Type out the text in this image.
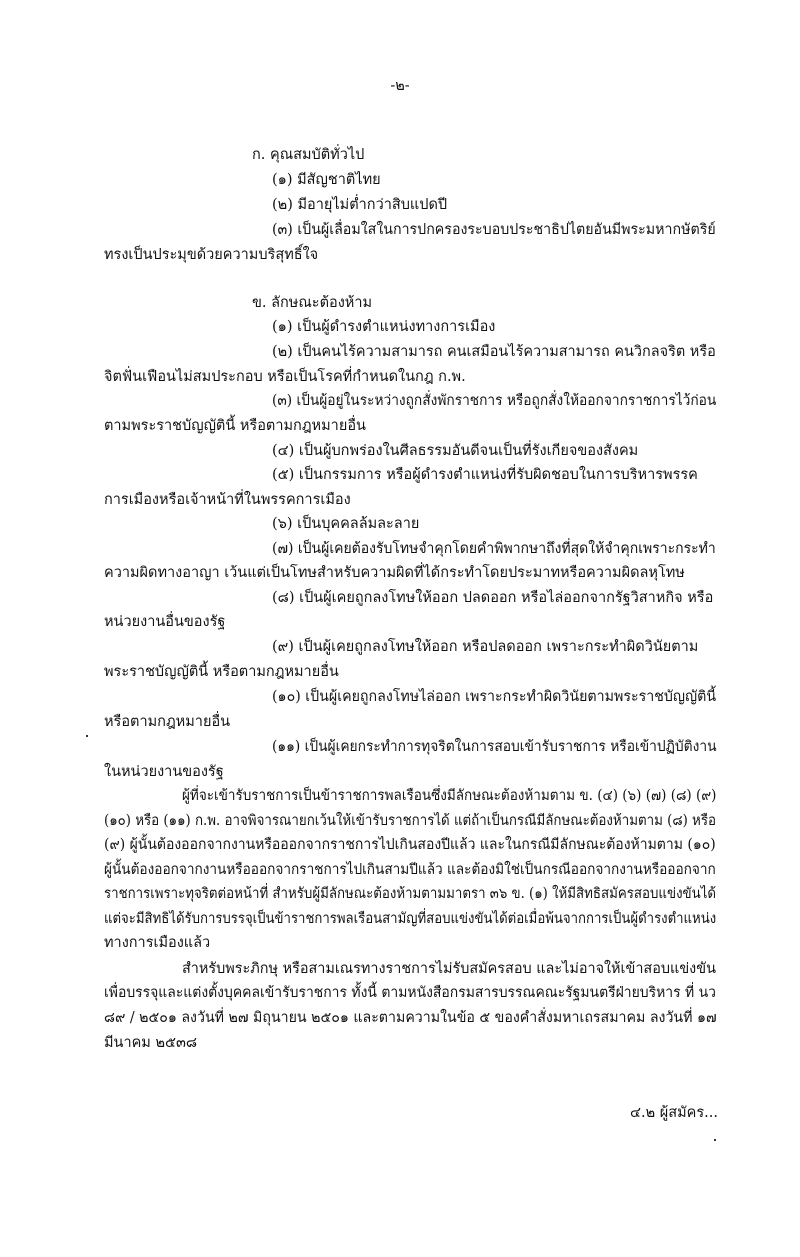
-๒-
ก. คุณสมบัติทั่วไป
(๑) มีสัญชาติไทย
(๒) มีอายุไม่ต่ำกว่าสิบแปดปี
(๓) เป็นผู้เลื่อมใสในการปกครองระบอบประชาธิปไตยอันมีพระมหากษัตริย์
ทรงเป็นประมุขด้วยความบริสุทธิ์ใจ
ข. ลักษณะต้องห้าม
(๑) เป็นผู้ดำรงตำแหน่งทางการเมือง
(๒) เป็นคนไร้ความสามารถ คนเสมือนไร้ความสามารถ คนวิกลจริต หรือ
จิตฟั่นเฟือนไม่สมประกอบ หรือเป็นโรคที่กำหนดในกฎ ก.พ.
(๓) เป็นผู้อยู่ในระหว่างถูกสั่งพักราชการ หรือถูกสั่งให้ออกจากราชการไว้ก่อน
ตามพระราชบัญญัตินี้ หรือตามกฎหมายอื่น
(๔) เป็นผู้บกพร่องในศีลธรรมอันดีจนเป็นที่รังเกียจของสังคม
(๕) เป็นกรรมการ หรือผู้ดำรงตำแหน่งที่รับผิดชอบในการบริหารพรรค
การเมืองหรือเจ้าหน้าที่ในพรรคการเมือง
(๖) เป็นบุคคลล้มละลาย
(๗) เป็นผู้เคยต้องรับโทษจำคุกโดยคำพิพากษาถึงที่สุดให้จำคุกเพราะกระทำ
ความผิดทางอาญา เว้นแต่เป็นโทษสำหรับความผิดที่ได้กระทำโดยประมาทหรือความผิดลหุโทษ
(๘) เป็นผู้เคยถูกลงโทษให้ออก ปลดออก หรือไล่ออกจากรัฐวิสาหกิจ หรือ
หน่วยงานอื่นของรัฐ
(๙) เป็นผู้เคยถูกลงโทษให้ออก หรือปลดออก เพราะกระทำผิดวินัยตาม
พระราชบัญญัตินี้ หรือตามกฎหมายอื่น
(๑๐) เป็นผู้เคยถูกลงโทษไล่ออก เพราะกระทำผิดวินัยตามพระราชบัญญัตินี้
หรือตามกฎหมายอื่น
(๑๑) เป็นผู้เคยกระทำการทุจริตในการสอบเข้ารับราชการ หรือเข้าปฏิบัติงาน
ในหน่วยงานของรัฐ
ผู้ที่จะเข้ารับราชการเป็นข้าราชการพลเรือนซึ่งมีลักษณะต้องห้ามตาม ข. (๔) (๖) (๗) (๘) (๙)
(๑๐) หรือ (๑๑) ก.พ. อาจพิจารณายกเว้นให้เข้ารับราชการได้ แต่ถ้าเป็นกรณีมีลักษณะต้องห้ามตาม (๘) หรือ
(๙) ผู้นั้นต้องออกจากงานหรือออกจากราชการไปเกินสองปีแล้ว และในกรณีมีลักษณะต้องห้ามตาม (๑๐)
ผู้นั้นต้องออกจากงานหรือออกจากราชการไปเกินสามปีแล้ว และต้องมิใช่เป็นกรณีออกจากงานหรือออกจาก
ราชการเพราะทุจริตต่อหน้าที่ สำหรับผู้มีลักษณะต้องห้ามตามมาตรา ๓๖ ข. (๑) ให้มีสิทธิสมัครสอบแข่งขันได้
แต่จะมีสิทธิได้รับการบรรจุเป็นข้าราชการพลเรือนสามัญที่สอบแข่งขันได้ต่อเมื่อพ้นจากการเป็นผู้ดำรงตำแหน่ง
ทางการเมืองแล้ว
สำหรับพระภิกษุ หรือสามเณรทางราชการไม่รับสมัครสอบ และไม่อาจให้เข้าสอบแข่งขัน
เพื่อบรรจุและแต่งตั้งบุคคลเข้ารับราชการ ทั้งนี้ ตามหนังสือกรมสารบรรณคณะรัฐมนตรีฝ่ายบริหาร ที่ นว
๘๙ / ๒๕๐๑ ลงวันที่ ๒๗ มิถุนายน ๒๕๐๑ และตามความในข้อ ๕ ของคำสั่งมหาเถรสมาคม ลงวันที่ ๑๗
มีนาคม ๒๕๓๘
๔.๒ ผู้สมัคร...
